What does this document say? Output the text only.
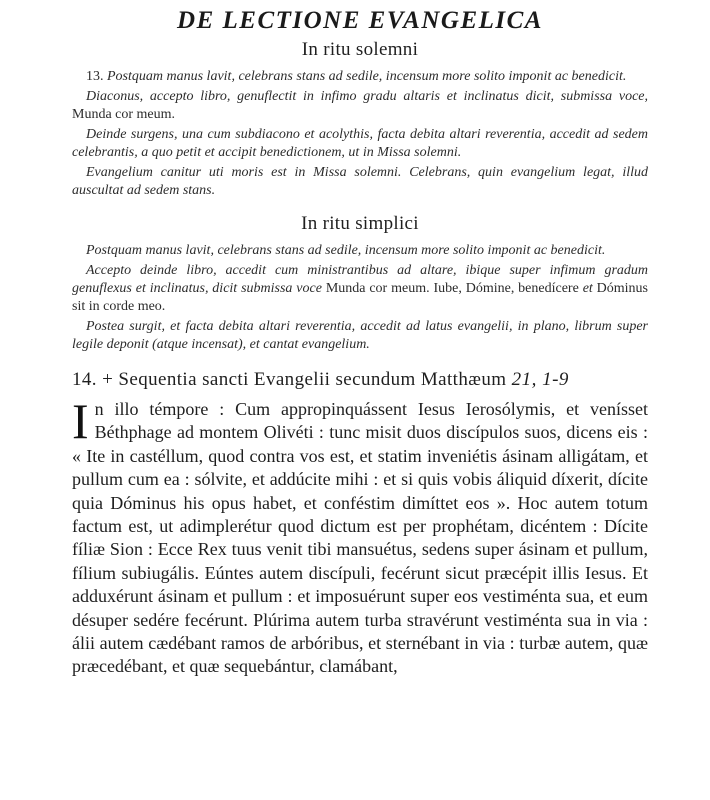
DE LECTIONE EVANGELICA
In ritu solemni

13. Postquam manus lavit, celebrans stans ad sedile, incensum more solito imponit ac benedicit.

Diaconus, accepto libro, genuflectit in infimo gradu altaris et inclinatus dicit, submissa voce, Munda cor meum.

Deinde surgens, una cum subdiacono et acolythis, facta debita altari reverentia, accedit ad sedem celebrantis, a quo petit et accipit benedictionem, ut in Missa solemni.

Evangelium canitur uti moris est in Missa solemni. Celebrans, quin evangelium legat, illud auscultat ad sedem stans.

In ritu simplici

Postquam manus lavit, celebrans stans ad sedile, incensum more solito imponit ac benedicit.

Accepto deinde libro, accedit cum ministrantibus ad altare, ibique super infimum gradum genuflexus et inclinatus, dicit submissa voce Munda cor meum. Iube, Dómine, benedícere et Dóminus sit in corde meo.

Postea surgit, et facta debita altari reverentia, accedit ad latus evangelii, in plano, librum super legile deponit (atque incensat), et cantat evangelium.

14. + Sequentia sancti Evangelii secundum Matthæum 21, 1-9

In illo témpore : Cum appropinquássent Iesus Ierosólymis, et venísset Béthphage ad montem Olivéti : tunc misit duos discípulos suos, dicens eis : « Ite in castéllum, quod contra vos est, et statim inveniétis ásinam alligátam, et pullum cum ea : sólvite, et addúcite mihi : et si quis vobis áliquid díxerit, dícite quia Dóminus his opus habet, et conféstim dimíttet eos ». Hoc autem totum factum est, ut adimplerétur quod dictum est per prophétam, dicéntem : Dícite fíliæ Sion : Ecce Rex tuus venit tibi mansuétus, sedens super ásinam et pullum, fílium subiugális. Eúntes autem discípuli, fecérunt sicut præcépit illis Iesus. Et adduxérunt ásinam et pullum : et imposuérunt super eos vestiménta sua, et eum désuper sedére fecérunt. Plúrima autem turba stravérunt vestiménta sua in via : álii autem cædébant ramos de arbóribus, et sternébant in via : turbæ autem, quæ præcedébant, et quæ sequebántur, clamábant,
